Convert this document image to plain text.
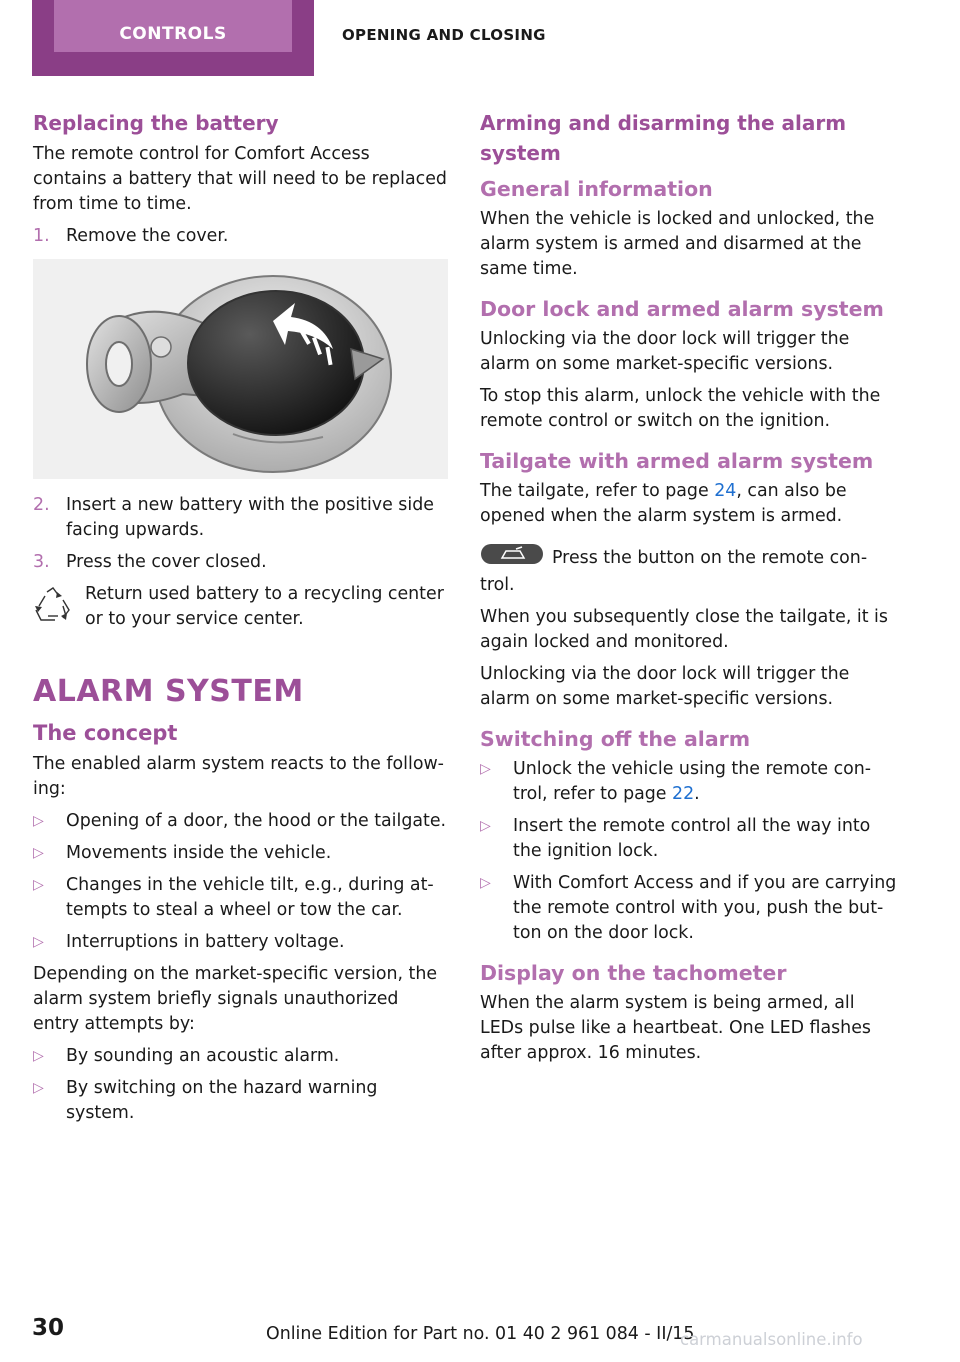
CONTROLS	OPENING AND CLOSING
Replacing the battery

The remote control for Comfort Access contains a battery that will need to be replaced from time to time.

1. Remove the cover.
2. Insert a new battery with the positive side facing upwards.
3. Press the cover closed.
Return used battery to a recycling center or to your service center.
ALARM SYSTEM
The concept

The enabled alarm system reacts to the follow‐ing:

▷	Opening of a door, the hood or the tailgate.
▷	Movements inside the vehicle.
▷	Changes in the vehicle tilt, e.g., during at‐tempts to steal a wheel or tow the car.
▷	Interruptions in battery voltage.

Depending on the market-specific version, the alarm system briefly signals unauthorized entry attempts by:

▷	By sounding an acoustic alarm.
▷	By switching on the hazard warning system.
Arming and disarming the alarm system
General information

When the vehicle is locked and unlocked, the alarm system is armed and disarmed at the same time.

Door lock and armed alarm system

Unlocking via the door lock will trigger the alarm on some market-specific versions.

To stop this alarm, unlock the vehicle with the remote control or switch on the ignition.

Tailgate with armed alarm system

The tailgate, refer to page 24, can also be opened when the alarm system is armed.

Press the button on the remote con‐trol.

When you subsequently close the tailgate, it is again locked and monitored.

Unlocking via the door lock will trigger the alarm on some market-specific versions.

Switching off the alarm
▷	Unlock the vehicle using the remote con‐trol, refer to page 22.
▷	Insert the remote control all the way into the ignition lock.
▷	With Comfort Access and if you are carrying the remote control with you, push the but‐ton on the door lock.
Display on the tachometer

When the alarm system is being armed, all LEDs pulse like a heartbeat. One LED flashes after approx. 16 minutes.

30	Online Edition for Part no. 01 40 2 961 084 - II/15
carmanualsonline.info
